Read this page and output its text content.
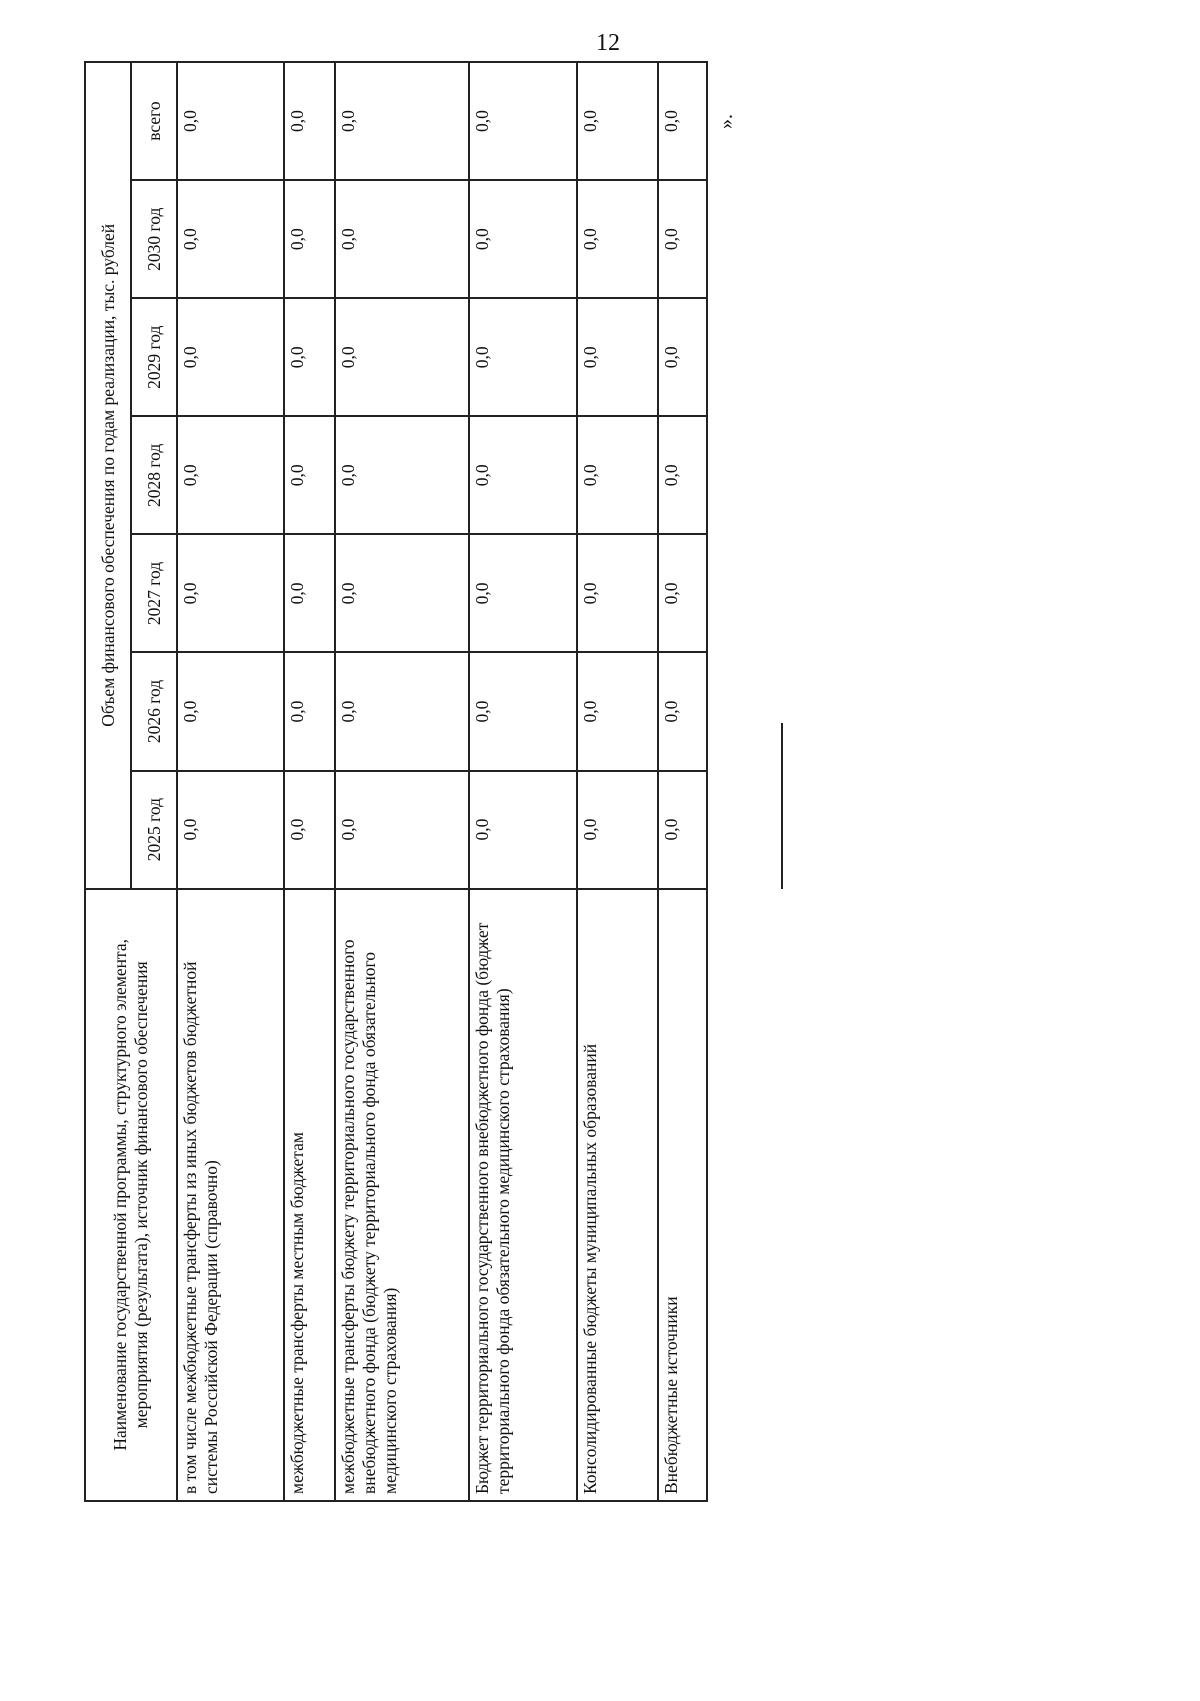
12
».
Наименование государственной программы, структурного элемента, мероприятия (результата), источник финансового обеспечения	Объем финансового обеспечения по годам реализации, тыс. рублей						
	2025 год	2026 год	2027 год	2028 год	2029 год	2030 год	всего
в том числе межбюджетные трансферты из иных бюджетов бюджетной системы Российской Федерации (справочно)	0,0	0,0	0,0	0,0	0,0	0,0	0,0
межбюджетные трансферты местным бюджетам	0,0	0,0	0,0	0,0	0,0	0,0	0,0
межбюджетные трансферты бюджету территориального государственного внебюджетного фонда (бюджету территориального фонда обязательного медицинского страхования)	0,0	0,0	0,0	0,0	0,0	0,0	0,0
Бюджет территориального государственного внебюджетного фонда (бюджет территориального фонда обязательного медицинского страхования)	0,0	0,0	0,0	0,0	0,0	0,0	0,0
Консолидированные бюджеты муниципальных образований	0,0	0,0	0,0	0,0	0,0	0,0	0,0
Внебюджетные источники	0,0	0,0	0,0	0,0	0,0	0,0	0,0
